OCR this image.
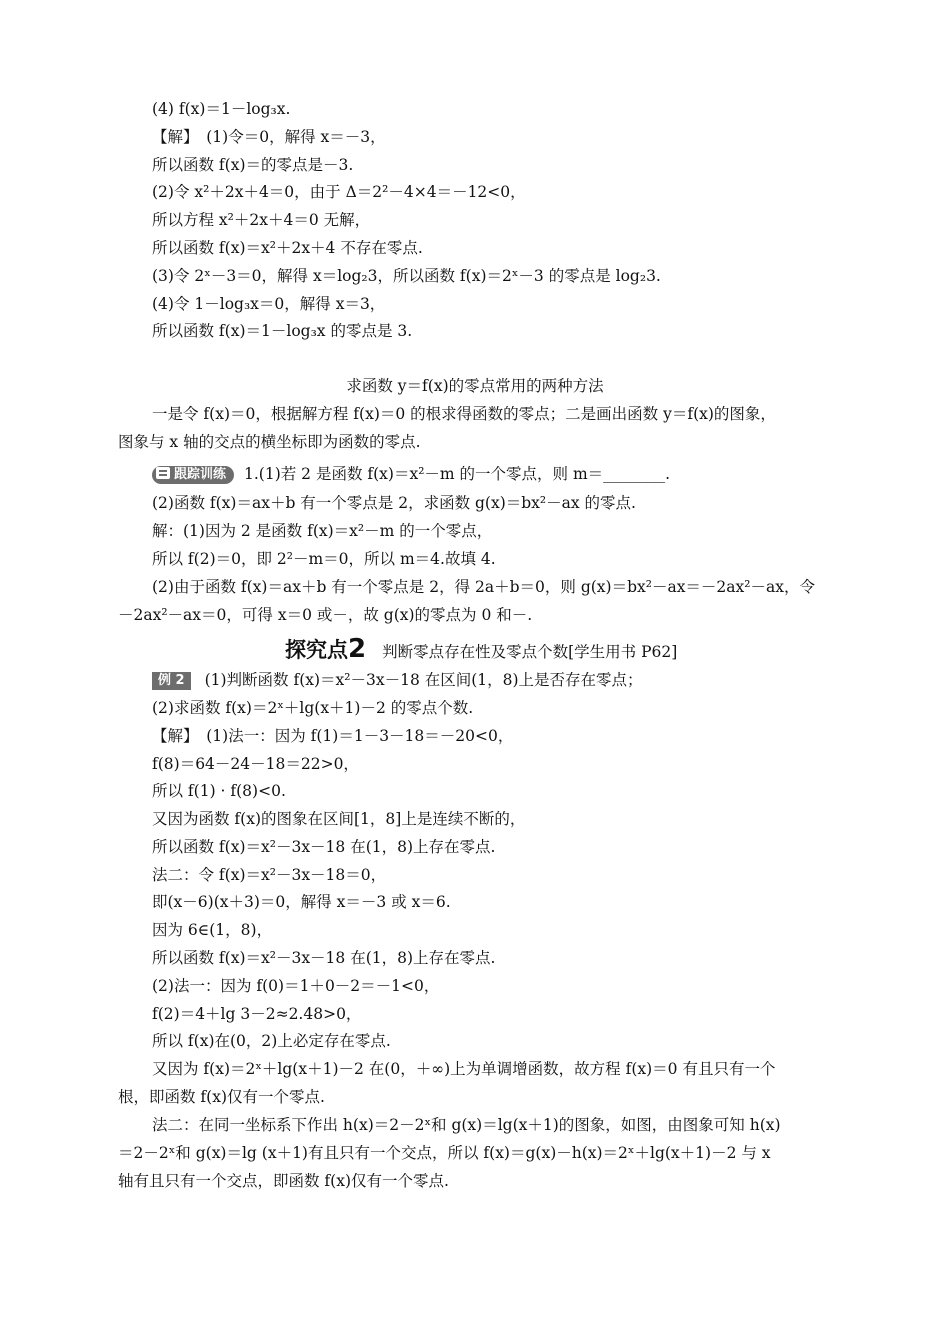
(4) f(x)＝1－log₃x.
【解】　(1)令＝0，解得 x＝－3，
所以函数 f(x)＝的零点是－3.
(2)令 x²＋2x＋4＝0，由于 Δ＝2²－4×4＝－12<0，
所以方程 x²＋2x＋4＝0 无解，
所以函数 f(x)＝x²＋2x＋4 不存在零点.
(3)令 2ˣ－3＝0，解得 x＝log₂3，所以函数 f(x)＝2ˣ－3 的零点是 log₂3.
(4)令 1－log₃x＝0，解得 x＝3，
所以函数 f(x)＝1－log₃x 的零点是 3.
求函数 y＝f(x)的零点常用的两种方法
一是令 f(x)＝0，根据解方程 f(x)＝0 的根求得函数的零点；二是画出函数 y＝f(x)的图象，
图象与 x 轴的交点的横坐标即为函数的零点.
跟踪训练 1.(1)若 2 是函数 f(x)＝x²－m 的一个零点，则 m＝________.
(2)函数 f(x)＝ax＋b 有一个零点是 2，求函数 g(x)＝bx²－ax 的零点.
解：(1)因为 2 是函数 f(x)＝x²－m 的一个零点，
所以 f(2)＝0，即 2²－m＝0，所以 m＝4.故填 4.
(2)由于函数 f(x)＝ax＋b 有一个零点是 2，得 2a＋b＝0，则 g(x)＝bx²－ax＝－2ax²－ax，令
－2ax²－ax＝0，可得 x＝0 或－，故 g(x)的零点为 0 和－.
探究点2 判断零点存在性及零点个数[学生用书 P62]
例 2 (1)判断函数 f(x)＝x²－3x－18 在区间(1，8)上是否存在零点；
(2)求函数 f(x)＝2ˣ＋lg(x＋1)－2 的零点个数.
【解】　(1)法一：因为 f(1)＝1－3－18＝－20<0，
f(8)＝64－24－18＝22>0，
所以 f(1) · f(8)<0.
又因为函数 f(x)的图象在区间[1，8]上是连续不断的，
所以函数 f(x)＝x²－3x－18 在(1，8)上存在零点.
法二：令 f(x)＝x²－3x－18＝0，
即(x－6)(x＋3)＝0，解得 x＝－3 或 x＝6.
因为 6∈(1，8)，
所以函数 f(x)＝x²－3x－18 在(1，8)上存在零点.
(2)法一：因为 f(0)＝1＋0－2＝－1<0，
f(2)＝4＋lg 3－2≈2.48>0，
所以 f(x)在(0，2)上必定存在零点.
又因为 f(x)＝2ˣ＋lg(x＋1)－2 在(0，＋∞)上为单调增函数，故方程 f(x)＝0 有且只有一个
根，即函数 f(x)仅有一个零点.
法二：在同一坐标系下作出 h(x)＝2－2ˣ和 g(x)＝lg(x＋1)的图象，如图，由图象可知 h(x)
＝2－2ˣ和 g(x)＝lg (x＋1)有且只有一个交点，所以 f(x)＝g(x)－h(x)＝2ˣ＋lg(x＋1)－2 与 x
轴有且只有一个交点，即函数 f(x)仅有一个零点.
